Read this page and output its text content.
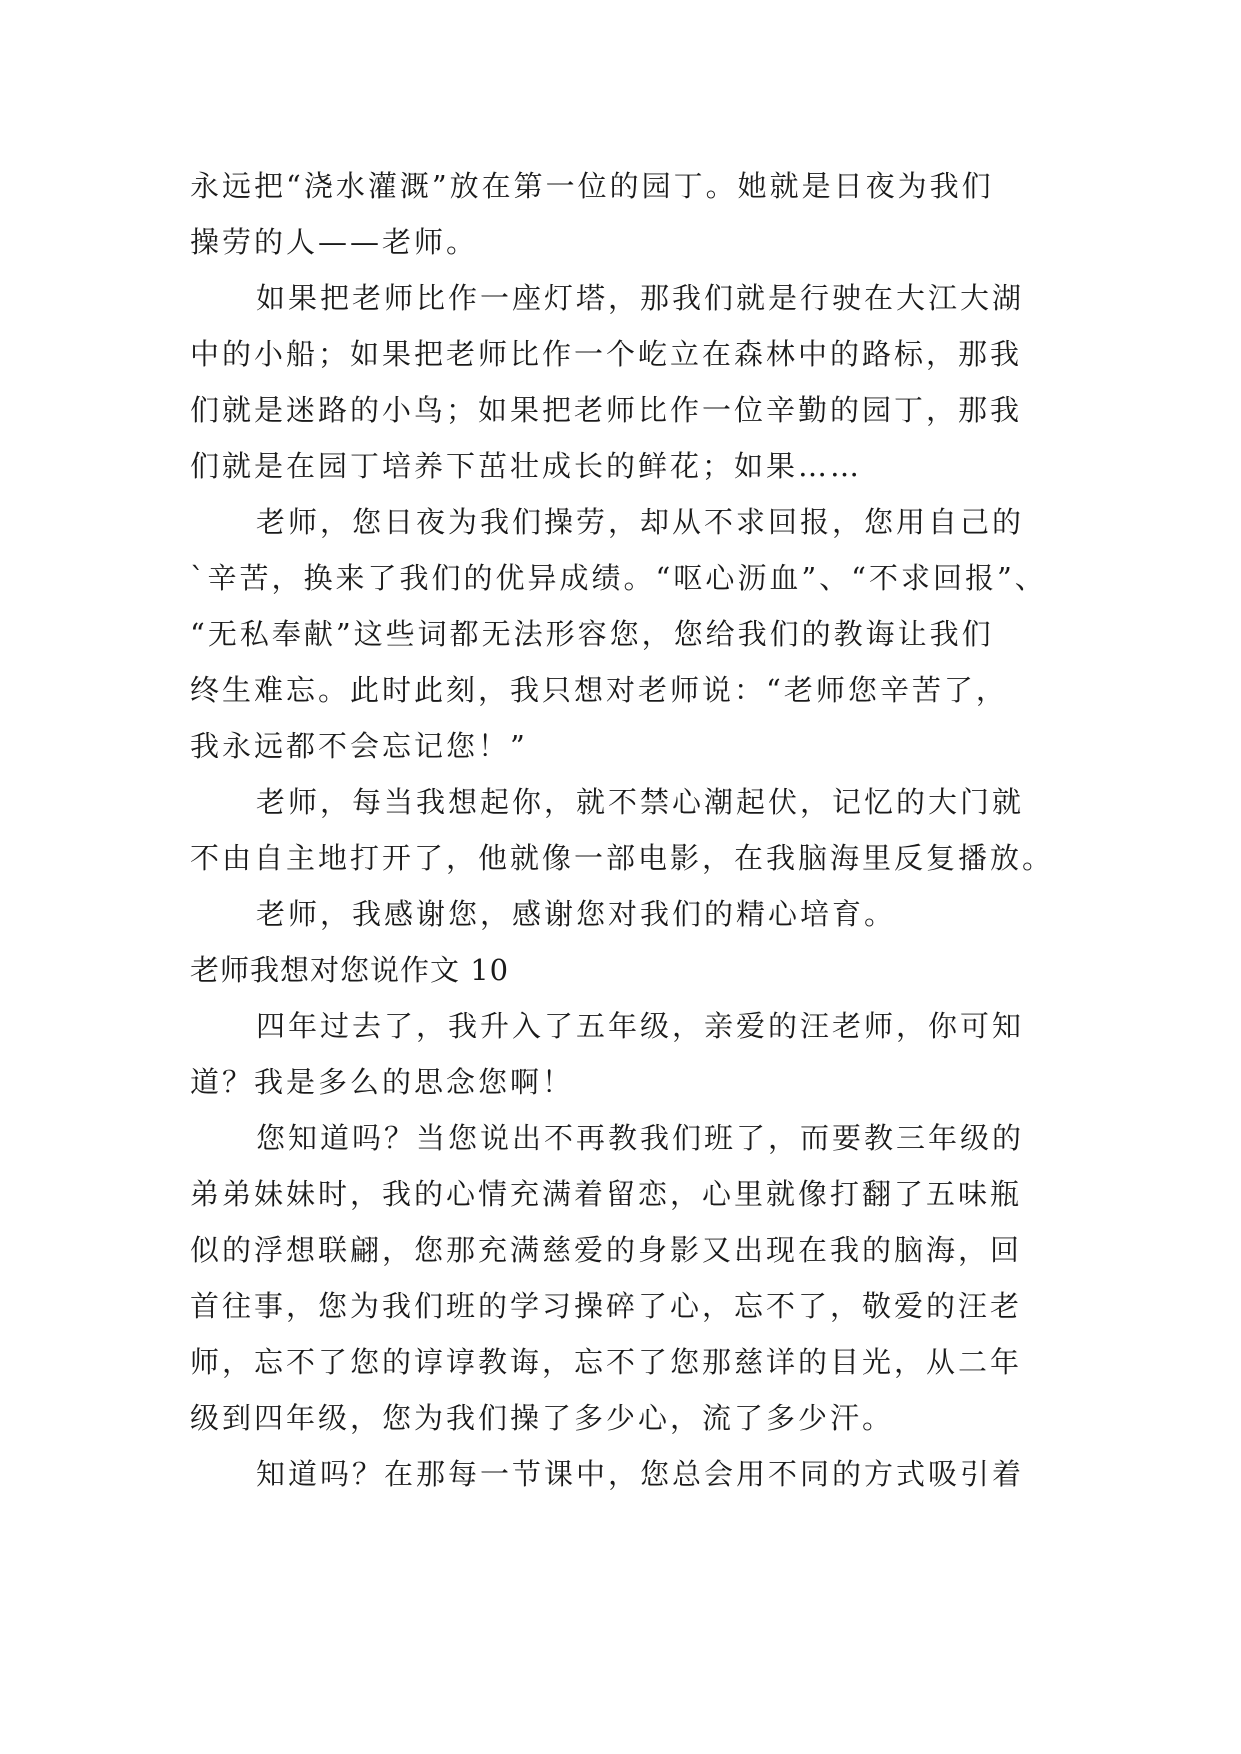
永远把“浇水灌溉”放在第一位的园丁。她就是日夜为我们
操劳的人——老师。
如果把老师比作一座灯塔，那我们就是行驶在大江大湖
中的小船；如果把老师比作一个屹立在森林中的路标，那我
们就是迷路的小鸟；如果把老师比作一位辛勤的园丁，那我
们就是在园丁培养下茁壮成长的鲜花；如果……
老师，您日夜为我们操劳，却从不求回报，您用自己的
`辛苦，换来了我们的优异成绩。“呕心沥血”、“不求回报”、
“无私奉献”这些词都无法形容您，您给我们的教诲让我们
终生难忘。此时此刻，我只想对老师说：“老师您辛苦了，
我永远都不会忘记您！”
老师，每当我想起你，就不禁心潮起伏，记忆的大门就
不由自主地打开了，他就像一部电影，在我脑海里反复播放。
老师，我感谢您，感谢您对我们的精心培育。
老师我想对您说作文 10
四年过去了，我升入了五年级，亲爱的汪老师，你可知
道？我是多么的思念您啊！
您知道吗？当您说出不再教我们班了，而要教三年级的
弟弟妹妹时，我的心情充满着留恋，心里就像打翻了五味瓶
似的浮想联翩，您那充满慈爱的身影又出现在我的脑海，回
首往事，您为我们班的学习操碎了心，忘不了，敬爱的汪老
师，忘不了您的谆谆教诲，忘不了您那慈详的目光，从二年
级到四年级，您为我们操了多少心，流了多少汗。
知道吗？在那每一节课中，您总会用不同的方式吸引着
